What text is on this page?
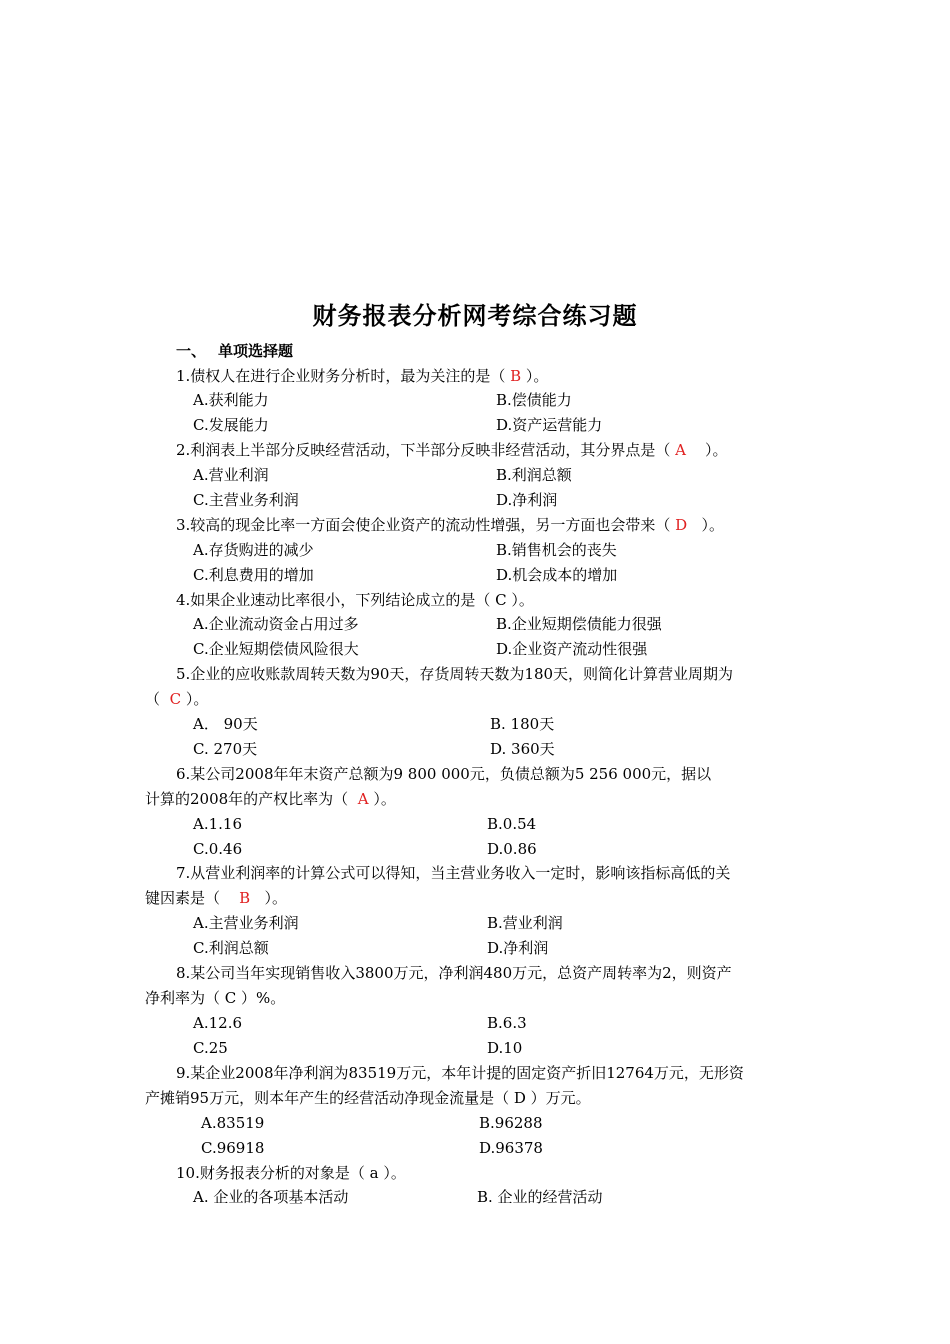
财务报表分析网考综合练习题
一、 单项选择题
1.债权人在进行企业财务分析时，最为关注的是（ B ）。
A.获利能力	B.偿债能力
C.发展能力	D.资产运营能力
2.利润表上半部分反映经营活动，下半部分反映非经营活动，其分界点是（ A ）。
A.营业利润	B.利润总额
C.主营业务利润	D.净利润
3.较高的现金比率一方面会使企业资产的流动性增强，另一方面也会带来（ D ）。
A.存货购进的减少	B.销售机会的丧失
C.利息费用的增加	D.机会成本的增加
4.如果企业速动比率很小，下列结论成立的是（ C ）。
A.企业流动资金占用过多	B.企业短期偿债能力很强
C.企业短期偿债风险很大	D.企业资产流动性很强
5.企业的应收账款周转天数为90天，存货周转天数为180天，则简化计算营业周期为
（ C ）。
A． 90天	B. 180天
C. 270天	D. 360天
6.某公司2008年年末资产总额为9 800 000元，负债总额为5 256 000元，据以
计算的2008年的产权比率为（ A ）。
A.1.16	B.0.54
C.0.46	D.0.86
7.从营业利润率的计算公式可以得知，当主营业务收入一定时，影响该指标高低的关
键因素是（ B ）。
A.主营业务利润	B.营业利润
C.利润总额	D.净利润
8.某公司当年实现销售收入3800万元，净利润480万元，总资产周转率为2，则资产
净利率为（ C ）%。
A.12.6	B.6.3
C.25	D.10
9.某企业2008年净利润为83519万元，本年计提的固定资产折旧12764万元，无形资
产摊销95万元，则本年产生的经营活动净现金流量是（ D ）万元。
A.83519	B.96288
C.96918	D.96378
10.财务报表分析的对象是（ a ）。
A. 企业的各项基本活动	B. 企业的经营活动
